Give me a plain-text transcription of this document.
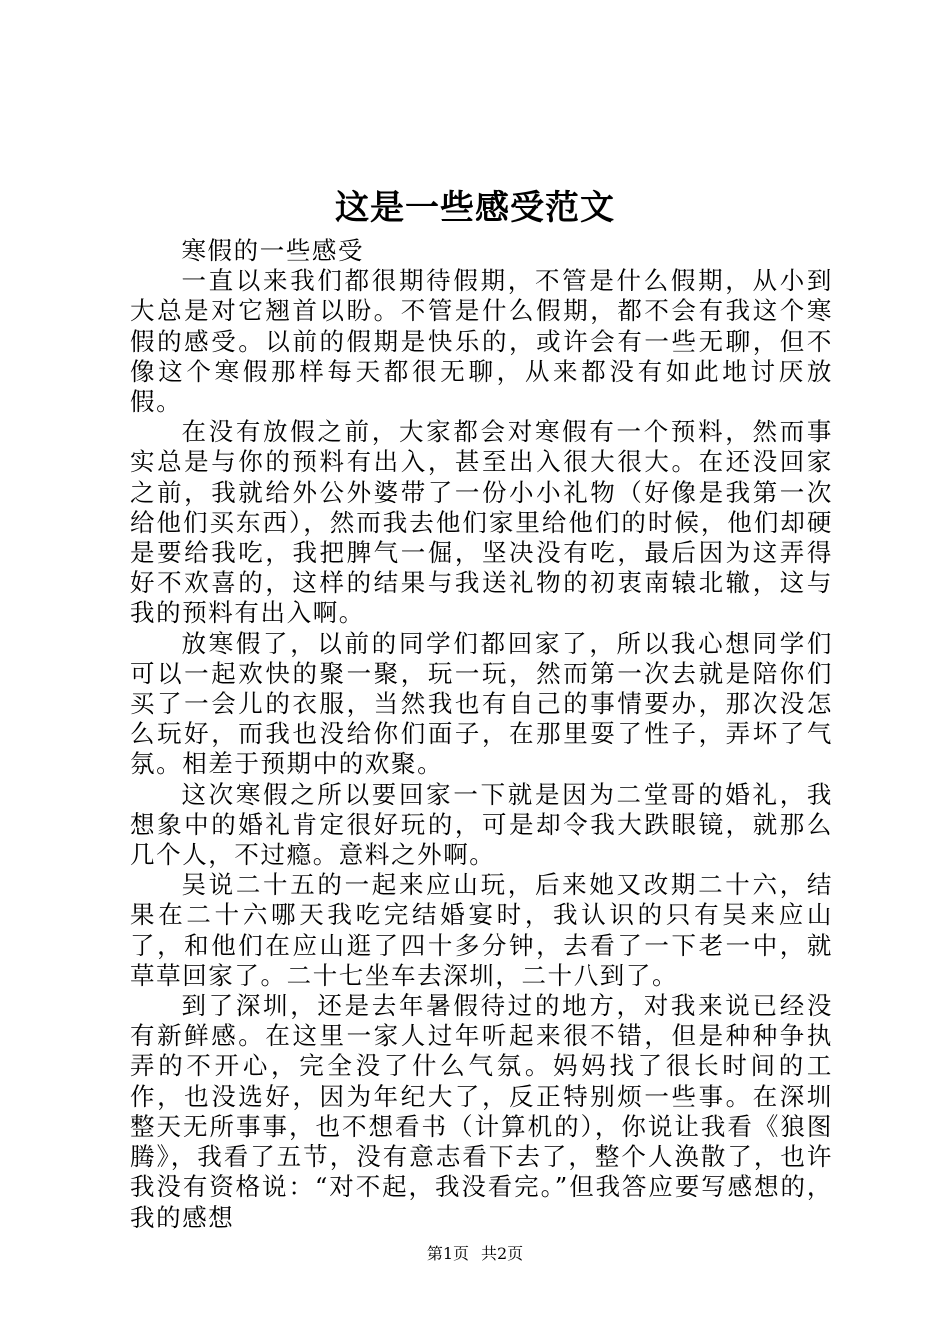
这是一些感受范文

寒假的一些感受

一直以来我们都很期待假期，不管是什么假期，从小到大总是对它翘首以盼。不管是什么假期，都不会有我这个寒假的感受。以前的假期是快乐的，或许会有一些无聊，但不像这个寒假那样每天都很无聊，从来都没有如此地讨厌放假。

在没有放假之前，大家都会对寒假有一个预料，然而事实总是与你的预料有出入，甚至出入很大很大。在还没回家之前，我就给外公外婆带了一份小小礼物（好像是我第一次给他们买东西），然而我去他们家里给他们的时候，他们却硬是要给我吃，我把脾气一倔，坚决没有吃，最后因为这弄得好不欢喜的，这样的结果与我送礼物的初衷南辕北辙，这与我的预料有出入啊。

放寒假了，以前的同学们都回家了，所以我心想同学们可以一起欢快的聚一聚，玩一玩，然而第一次去就是陪你们买了一会儿的衣服，当然我也有自己的事情要办，那次没怎么玩好，而我也没给你们面子，在那里耍了性子，弄坏了气氛。相差于预期中的欢聚。

这次寒假之所以要回家一下就是因为二堂哥的婚礼，我想象中的婚礼肯定很好玩的，可是却令我大跌眼镜，就那么几个人，不过瘾。意料之外啊。

吴说二十五的一起来应山玩，后来她又改期二十六，结果在二十六哪天我吃完结婚宴时，我认识的只有吴来应山了，和他们在应山逛了四十多分钟，去看了一下老一中，就草草回家了。二十七坐车去深圳，二十八到了。

到了深圳，还是去年暑假待过的地方，对我来说已经没有新鲜感。在这里一家人过年听起来很不错，但是种种争执弄的不开心，完全没了什么气氛。妈妈找了很长时间的工作，也没选好，因为年纪大了，反正特别烦一些事。在深圳整天无所事事，也不想看书（计算机的），你说让我看《狼图腾》，我看了五节，没有意志看下去了，整个人涣散了，也许我没有资格说：“对不起，我没看完。”但我答应要写感想的，我的感想

第1页 共2页
